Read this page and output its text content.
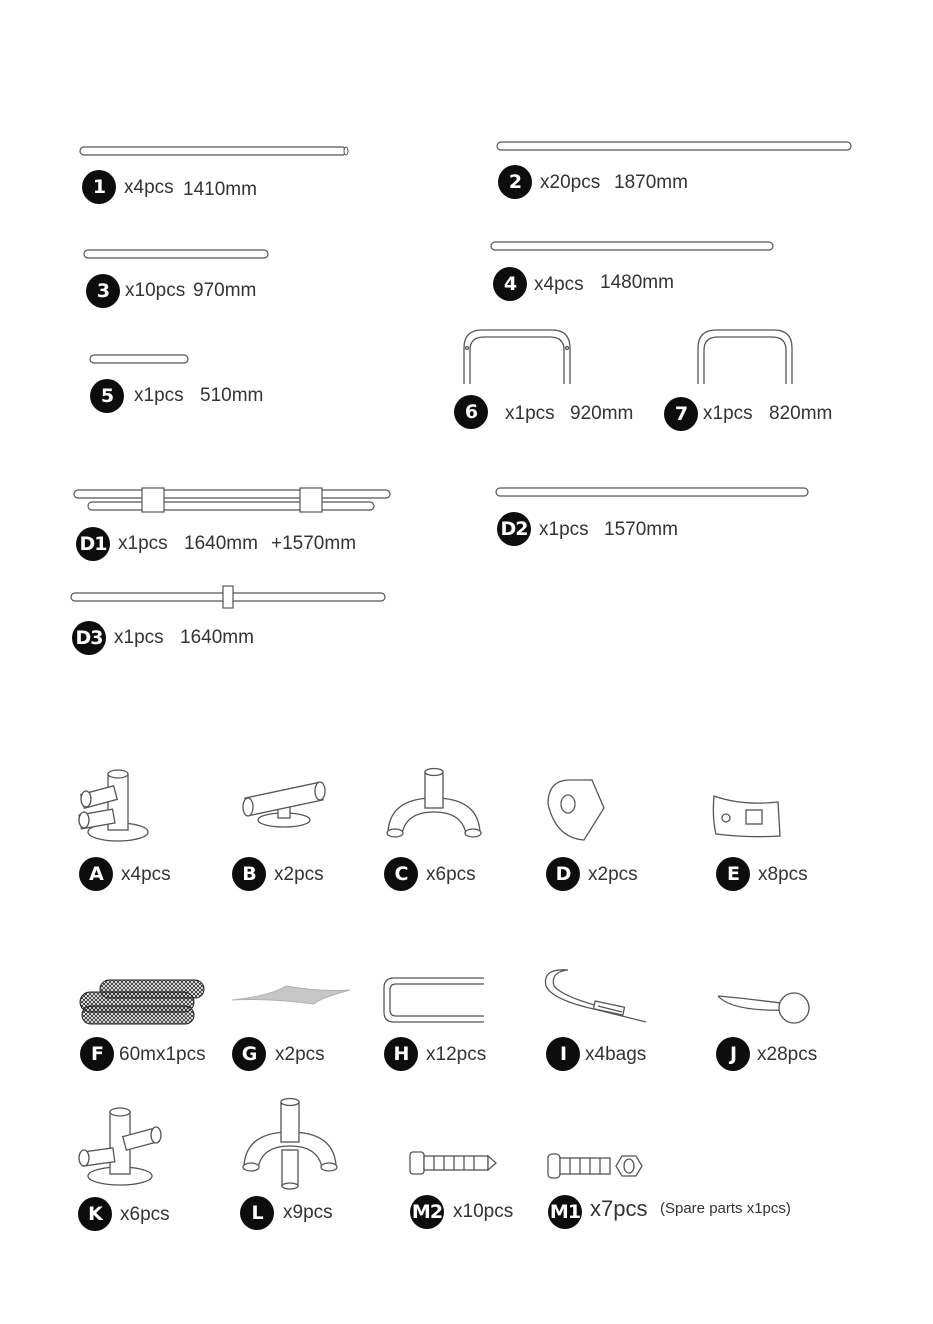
1 x4pcs 1410mm	2 x20pcs 1870mm
3 x10pcs 970mm	4 x4pcs 1480mm
5	x1pcs 510mm
6	x1pcs 920mm	7 x1pcs 820mm
D1 x1pcs 1640mm +1570mm
D2 x1pcs 1570mm
D3 x1pcs 1640mm
A x4pcs	B x2pcs	C x6pcs	D x2pcs	E	x8pcs
F 60mx1pcs	G x2pcs	H x12pcs	I x4bags	J	x28pcs
K x6pcs	L	x9pcs	M2 x10pcs M1 x7pcs (Spare parts x1pcs)
